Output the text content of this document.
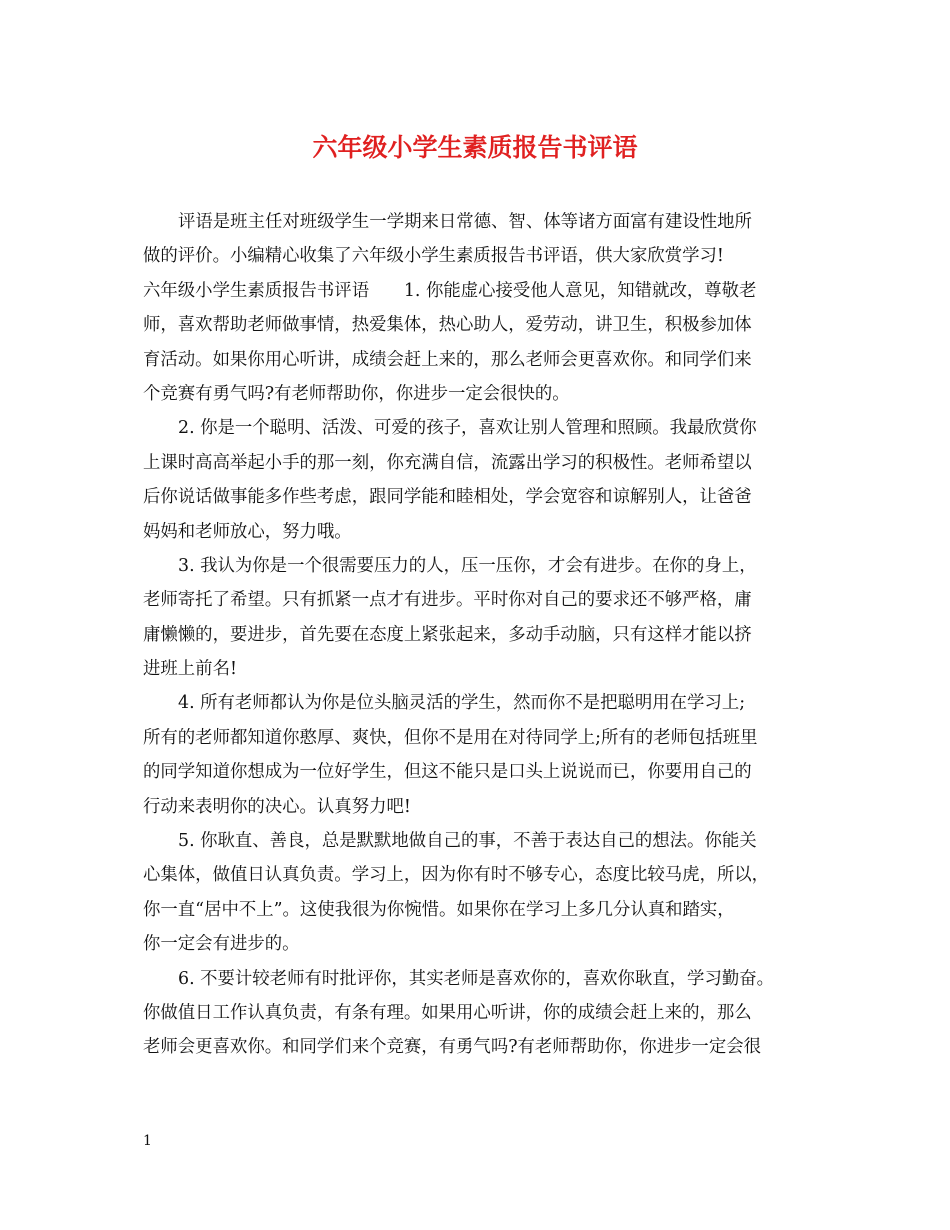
六年级小学生素质报告书评语
评语是班主任对班级学生一学期来日常德、智、体等诸方面富有建设性地所
做的评价。小编精心收集了六年级小学生素质报告书评语，供大家欣赏学习!
六年级小学生素质报告书评语　　1. 你能虚心接受他人意见，知错就改，尊敬老
师，喜欢帮助老师做事情，热爱集体，热心助人，爱劳动，讲卫生，积极参加体
育活动。如果你用心听讲，成绩会赶上来的，那么老师会更喜欢你。和同学们来
个竞赛有勇气吗?有老师帮助你，你进步一定会很快的。
2. 你是一个聪明、活泼、可爱的孩子，喜欢让别人管理和照顾。我最欣赏你
上课时高高举起小手的那一刻，你充满自信，流露出学习的积极性。老师希望以
后你说话做事能多作些考虑，跟同学能和睦相处，学会宽容和谅解别人，让爸爸
妈妈和老师放心，努力哦。
3. 我认为你是一个很需要压力的人，压一压你，才会有进步。在你的身上，
老师寄托了希望。只有抓紧一点才有进步。平时你对自己的要求还不够严格，庸
庸懒懒的，要进步，首先要在态度上紧张起来，多动手动脑，只有这样才能以挤
进班上前名!
4. 所有老师都认为你是位头脑灵活的学生，然而你不是把聪明用在学习上;
所有的老师都知道你憨厚、爽快，但你不是用在对待同学上;所有的老师包括班里
的同学知道你想成为一位好学生，但这不能只是口头上说说而已，你要用自己的
行动来表明你的决心。认真努力吧!
5. 你耿直、善良，总是默默地做自己的事，不善于表达自己的想法。你能关
心集体，做值日认真负责。学习上，因为你有时不够专心，态度比较马虎，所以，
你一直“居中不上”。这使我很为你惋惜。如果你在学习上多几分认真和踏实，
你一定会有进步的。
6. 不要计较老师有时批评你，其实老师是喜欢你的，喜欢你耿直，学习勤奋。
你做值日工作认真负责，有条有理。如果用心听讲，你的成绩会赶上来的，那么
老师会更喜欢你。和同学们来个竞赛，有勇气吗?有老师帮助你，你进步一定会很
1
